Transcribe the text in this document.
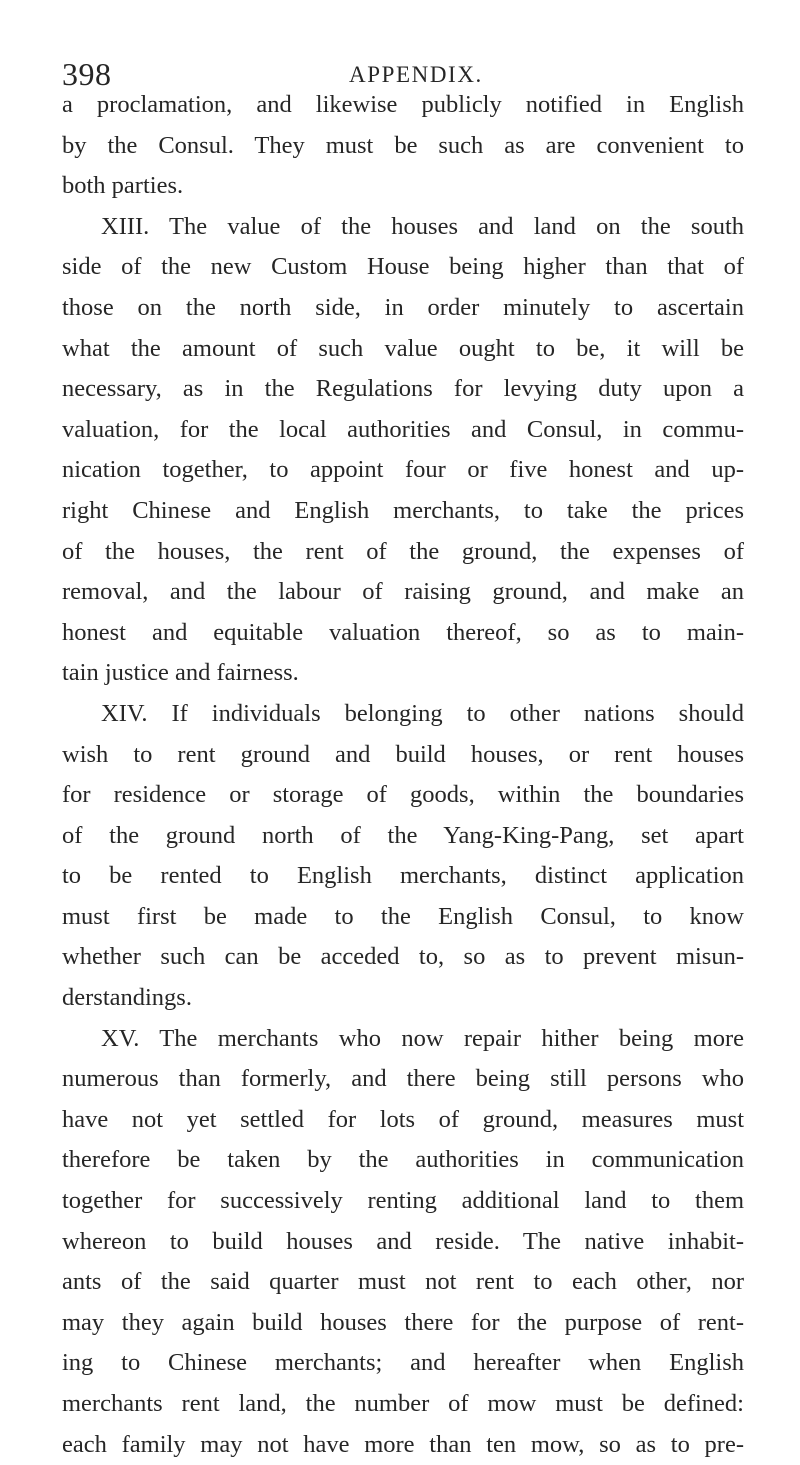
398	APPENDIX.
a proclamation, and likewise publicly notified in English
by the Consul. They must be such as are convenient to
both parties.
XIII. The value of the houses and land on the south
side of the new Custom House being higher than that of
those on the north side, in order minutely to ascertain
what the amount of such value ought to be, it will be
necessary, as in the Regulations for levying duty upon a
valuation, for the local authorities and Consul, in commu-
nication together, to appoint four or five honest and up-
right Chinese and English merchants, to take the prices
of the houses, the rent of the ground, the expenses of
removal, and the labour of raising ground, and make an
honest and equitable valuation thereof, so as to main-
tain justice and fairness.
XIV. If individuals belonging to other nations should
wish to rent ground and build houses, or rent houses
for residence or storage of goods, within the boundaries
of the ground north of the Yang-King-Pang, set apart
to be rented to English merchants, distinct application
must first be made to the English Consul, to know
whether such can be acceded to, so as to prevent misun-
derstandings.
XV. The merchants who now repair hither being more
numerous than formerly, and there being still persons who
have not yet settled for lots of ground, measures must
therefore be taken by the authorities in communication
together for successively renting additional land to them
whereon to build houses and reside. The native inhabit-
ants of the said quarter must not rent to each other, nor
may they again build houses there for the purpose of rent-
ing to Chinese merchants; and hereafter when English
merchants rent land, the number of mow must be defined:
each family may not have more than ten mow, so as to pre-
